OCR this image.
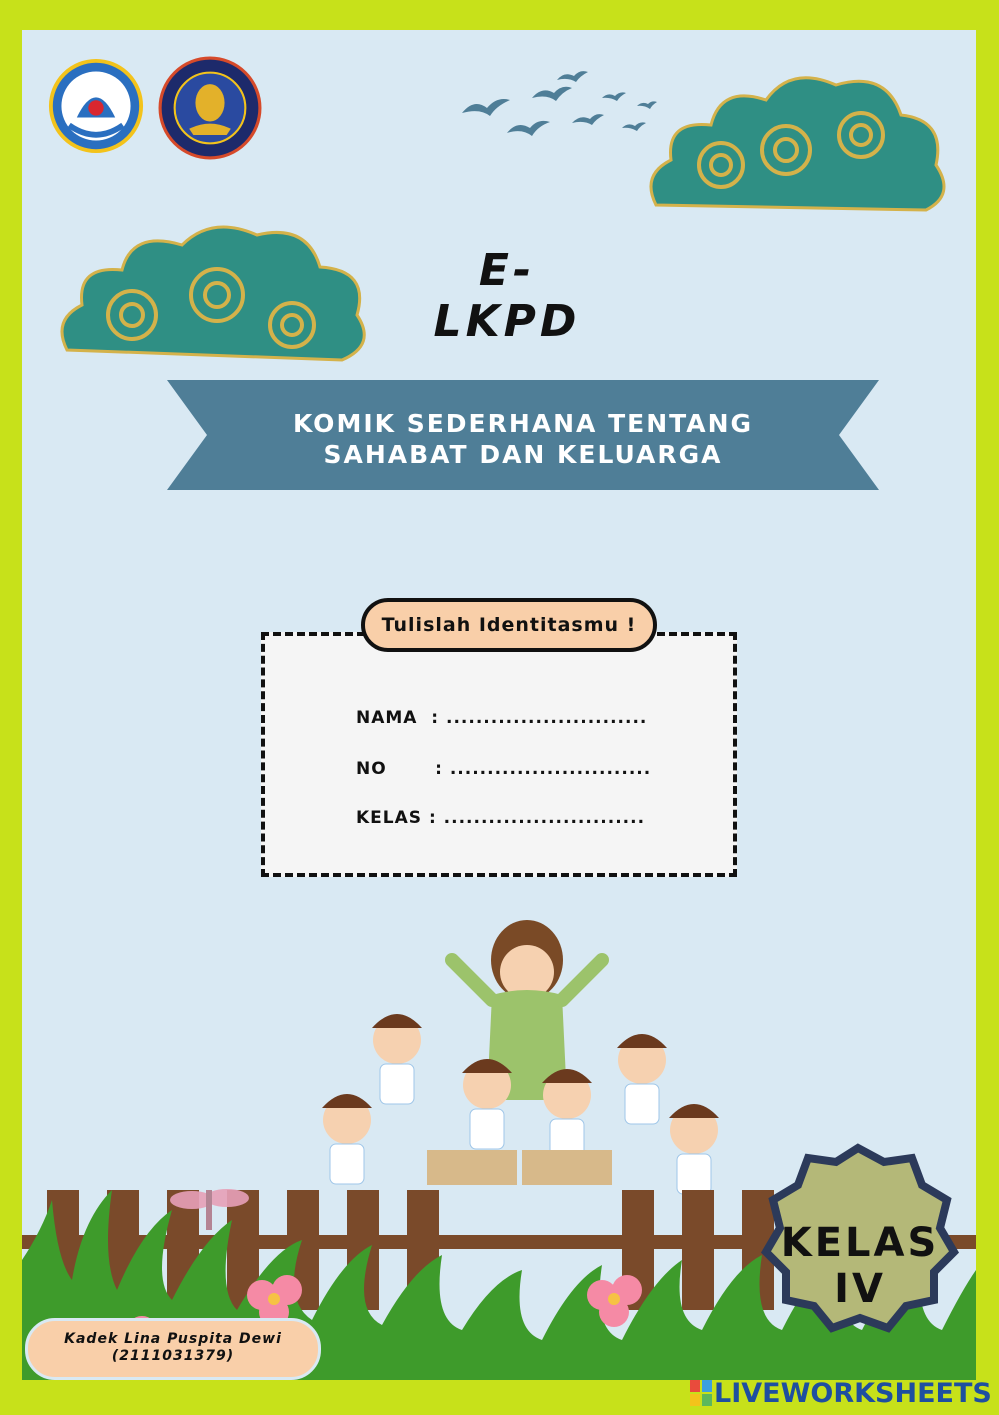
E-LKPD
KOMIK SEDERHANA TENTANG
SAHABAT DAN KELUARGA
Tulislah Identitasmu !
NAMA  : ...........................
NO       : ...........................
KELAS : ...........................
KELAS
IV
Kadek Lina Puspita Dewi
(2111031379)
LIVEWORKSHEETS
